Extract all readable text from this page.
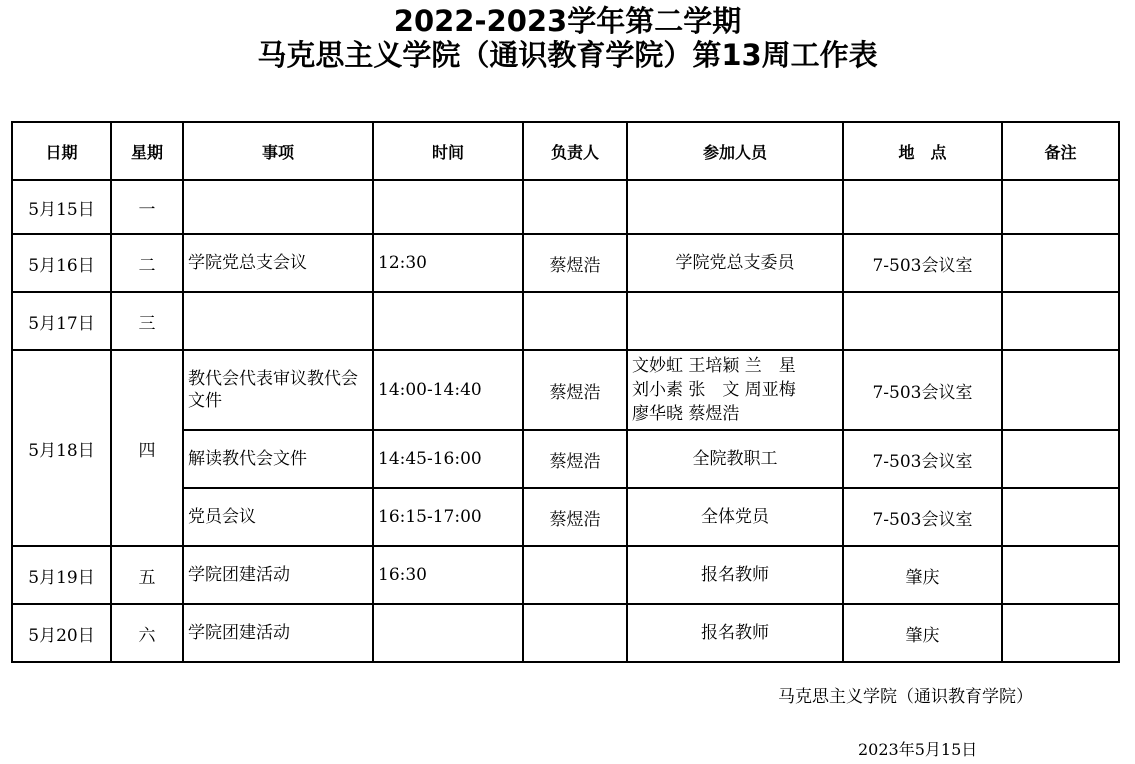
2022-2023学年第二学期
马克思主义学院（通识教育学院）第13周工作表
日期	星期	事项	时间	负责人	参加人员	地　点	备注
5月15日	一				

5月16日	二	学院党总支会议	12:30	蔡煜浩	学院党总支委员	7-503会议室	
5月17日	三				

5月18日	四	教代会代表审议教代会文件	14:00-14:40	蔡煜浩	文妙虹 王培颖 兰　星
刘小素 张　文 周亚梅
廖华晓 蔡煜浩	7-503会议室	
		解读教代会文件	14:45-16:00	蔡煜浩	全院教职工	7-503会议室	
		党员会议	16:15-17:00	蔡煜浩	全体党员	7-503会议室	
5月19日	五	学院团建活动	16:30		报名教师	肇庆	
5月20日	六	学院团建活动			报名教师	肇庆	
马克思主义学院（通识教育学院）
2023年5月15日
